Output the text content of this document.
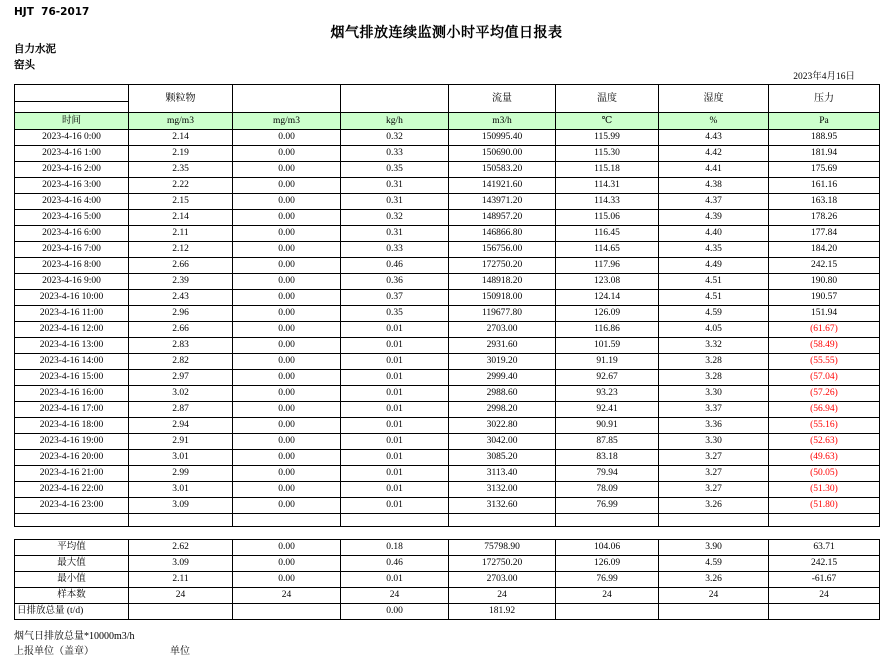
HJT  76-2017
烟气排放连续监测小时平均值日报表
自力水泥
窑头
2023年4月16日
	颗粒物			流量	温度	湿度	压力
时间	mg/m3	mg/m3	kg/h	m3/h	℃	%	Pa
2023-4-16 0:00	2.14	0.00	0.32	150995.40	115.99	4.43	188.95
2023-4-16 1:00	2.19	0.00	0.33	150690.00	115.30	4.42	181.94
2023-4-16 2:00	2.35	0.00	0.35	150583.20	115.18	4.41	175.69
2023-4-16 3:00	2.22	0.00	0.31	141921.60	114.31	4.38	161.16
2023-4-16 4:00	2.15	0.00	0.31	143971.20	114.33	4.37	163.18
2023-4-16 5:00	2.14	0.00	0.32	148957.20	115.06	4.39	178.26
2023-4-16 6:00	2.11	0.00	0.31	146866.80	116.45	4.40	177.84
2023-4-16 7:00	2.12	0.00	0.33	156756.00	114.65	4.35	184.20
2023-4-16 8:00	2.66	0.00	0.46	172750.20	117.96	4.49	242.15
2023-4-16 9:00	2.39	0.00	0.36	148918.20	123.08	4.51	190.80
2023-4-16 10:00	2.43	0.00	0.37	150918.00	124.14	4.51	190.57
2023-4-16 11:00	2.96	0.00	0.35	119677.80	126.09	4.59	151.94
2023-4-16 12:00	2.66	0.00	0.01	2703.00	116.86	4.05	(61.67)
2023-4-16 13:00	2.83	0.00	0.01	2931.60	101.59	3.32	(58.49)
2023-4-16 14:00	2.82	0.00	0.01	3019.20	91.19	3.28	(55.55)
2023-4-16 15:00	2.97	0.00	0.01	2999.40	92.67	3.28	(57.04)
2023-4-16 16:00	3.02	0.00	0.01	2988.60	93.23	3.30	(57.26)
2023-4-16 17:00	2.87	0.00	0.01	2998.20	92.41	3.37	(56.94)
2023-4-16 18:00	2.94	0.00	0.01	3022.80	90.91	3.36	(55.16)
2023-4-16 19:00	2.91	0.00	0.01	3042.00	87.85	3.30	(52.63)
2023-4-16 20:00	3.01	0.00	0.01	3085.20	83.18	3.27	(49.63)
2023-4-16 21:00	2.99	0.00	0.01	3113.40	79.94	3.27	(50.05)
2023-4-16 22:00	3.01	0.00	0.01	3132.00	78.09	3.27	(51.30)
2023-4-16 23:00	3.09	0.00	0.01	3132.60	76.99	3.26	(51.80)

平均值	2.62	0.00	0.18	75798.90	104.06	3.90	63.71
最大值	3.09	0.00	0.46	172750.20	126.09	4.59	242.15
最小值	2.11	0.00	0.01	2703.00	76.99	3.26	-61.67
样本数	24	24	24	24	24	24	24
日排放总量 (t/d)			0.00	181.92			
烟气日排放总量*10000m3/h
上报单位（盖章）	单位
